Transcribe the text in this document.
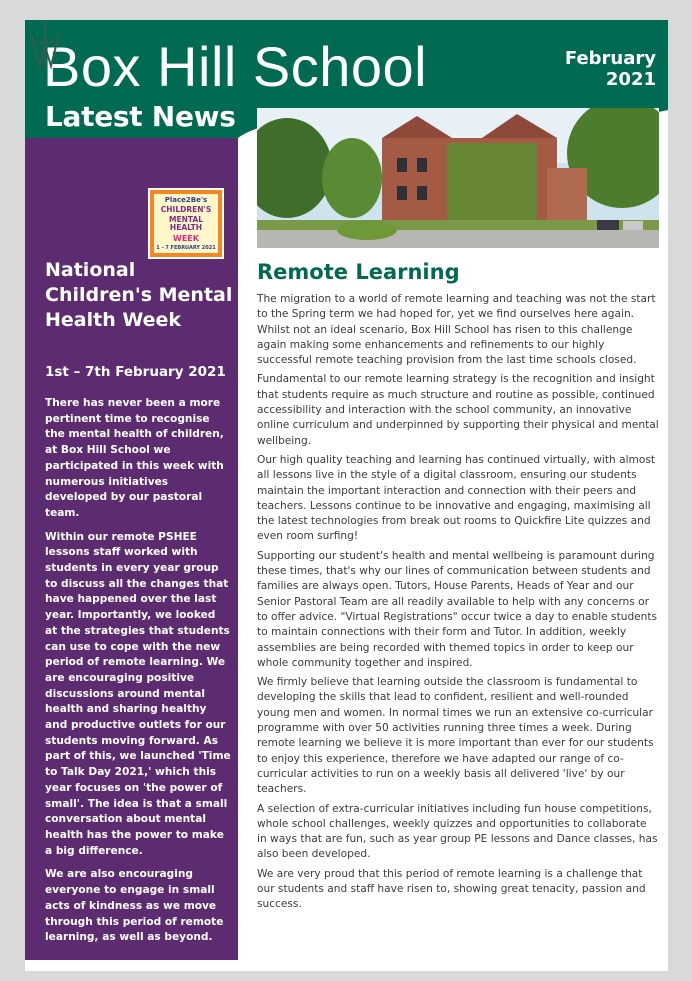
Box Hill School
Latest News
February
2021
Place2Be's
CHILDREN'S
MENTAL HEALTH
WEEK
1 - 7 FEBRUARY 2021
National Children's Mental Health Week
1st – 7th February 2021

There has never been a more pertinent time to recognise the mental health of children, at Box Hill School we participated in this week with numerous initiatives developed by our pastoral team.

Within our remote PSHEE lessons staff worked with students in every year group to discuss all the changes that have happened over the last year. Importantly, we looked at the strategies that students can use to cope with the new period of remote learning. We are encouraging positive discussions around mental health and sharing healthy and productive outlets for our students moving forward. As part of this, we launched 'Time to Talk Day 2021,' which this year focuses on 'the power of small'. The idea is that a small conversation about mental health has the power to make a big difference.

We are also encouraging everyone to engage in small acts of kindness as we move through this period of remote learning, as well as beyond.

Remote Learning

The migration to a world of remote learning and teaching was not the start to the Spring term we had hoped for, yet we find ourselves here again. Whilst not an ideal scenario, Box Hill School has risen to this challenge again making some enhancements and refinements to our highly successful remote teaching provision from the last time schools closed.

Fundamental to our remote learning strategy is the recognition and insight that students require as much structure and routine as possible, continued accessibility and interaction with the school community, an innovative online curriculum and underpinned by supporting their physical and mental wellbeing.

Our high quality teaching and learning has continued virtually, with almost all lessons live in the style of a digital classroom, ensuring our students maintain the important interaction and connection with their peers and teachers. Lessons continue to be innovative and engaging, maximising all the latest technologies from break out rooms to Quickfire Lite quizzes and even room surfing!

Supporting our student's health and mental wellbeing is paramount during these times, that's why our lines of communication between students and families are always open. Tutors, House Parents, Heads of Year and our Senior Pastoral Team are all readily available to help with any concerns or to offer advice. "Virtual Registrations" occur twice a day to enable students to maintain connections with their form and Tutor. In addition, weekly assemblies are being recorded with themed topics in order to keep our whole community together and inspired.

We firmly believe that learning outside the classroom is fundamental to developing the skills that lead to confident, resilient and well-rounded young men and women. In normal times we run an extensive co-curricular programme with over 50 activities running three times a week. During remote learning we believe it is more important than ever for our students to enjoy this experience, therefore we have adapted our range of co-curricular activities to run on a weekly basis all delivered 'live' by our teachers.

A selection of extra-curricular initiatives including fun house competitions, whole school challenges, weekly quizzes and opportunities to collaborate in ways that are fun, such as year group PE lessons and Dance classes, has also been developed.

We are very proud that this period of remote learning is a challenge that our students and staff have risen to, showing great tenacity, passion and success.
